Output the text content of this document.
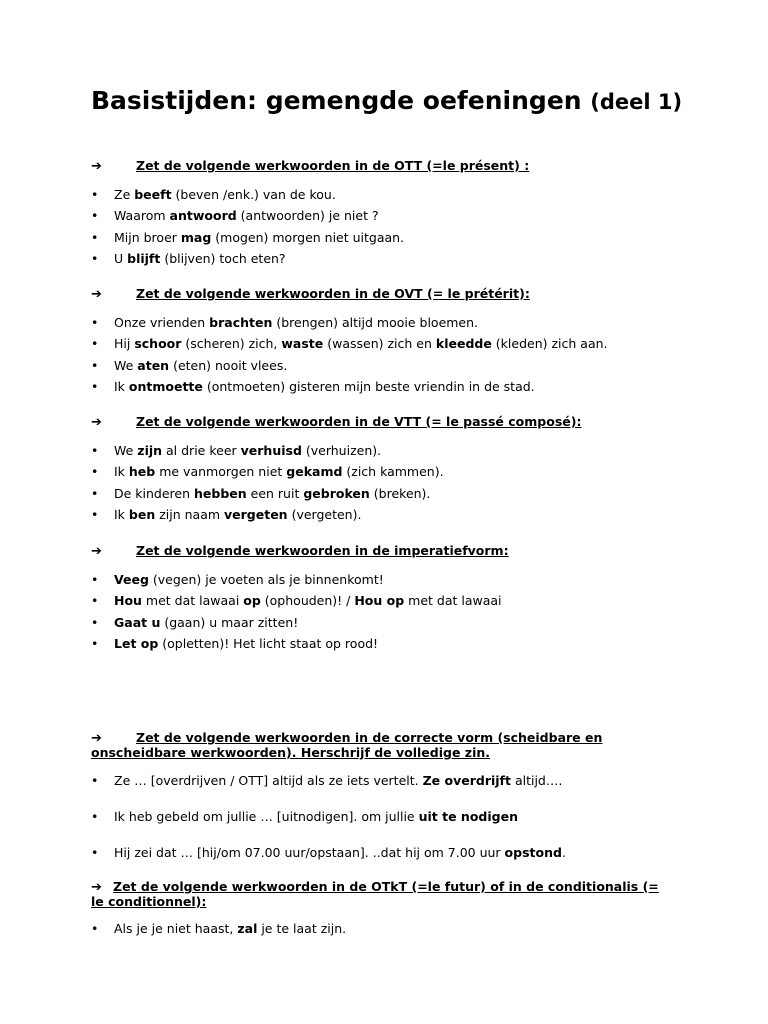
Basistijden: gemengde oefeningen (deel 1)

➔	Zet de volgende werkwoorden in de OTT (=le présent) :

• Ze beeft (beven /enk.) van de kou.
• Waarom antwoord (antwoorden) je niet ?
• Mijn broer mag (mogen) morgen niet uitgaan.
• U blijft (blijven) toch eten?

➔	Zet de volgende werkwoorden in de OVT (= le prétérit):

• Onze vrienden brachten (brengen) altijd mooie bloemen.
• Hij schoor (scheren) zich, waste (wassen) zich en kleedde (kleden) zich aan.
• We aten (eten) nooit vlees.
• Ik ontmoette (ontmoeten) gisteren mijn beste vriendin in de stad.

➔	Zet de volgende werkwoorden in de VTT (= le passé composé):

• We zijn al drie keer verhuisd (verhuizen).
• Ik heb me vanmorgen niet gekamd (zich kammen).
• De kinderen hebben een ruit gebroken (breken).
• Ik ben zijn naam vergeten (vergeten).

➔	Zet de volgende werkwoorden in de imperatiefvorm:

• Veeg (vegen) je voeten als je binnenkomt!
• Hou met dat lawaai op (ophouden)! / Hou op met dat lawaai
• Gaat u (gaan) u maar zitten!
• Let op (opletten)! Het licht staat op rood!

➔	Zet de volgende werkwoorden in de correcte vorm (scheidbare en onscheidbare werkwoorden). Herschrijf de volledige zin.

• Ze … [overdrijven / OTT] altijd als ze iets vertelt. Ze overdrijft altijd….
• Ik heb gebeld om jullie … [uitnodigen]. om jullie uit te nodigen
• Hij zei dat … [hij/om 07.00 uur/opstaan]. ..dat hij om 7.00 uur opstond.

➔ Zet de volgende werkwoorden in de OTkT (=le futur) of in de conditionalis (= le conditionnel):

• Als je je niet haast, zal je te laat zijn.
